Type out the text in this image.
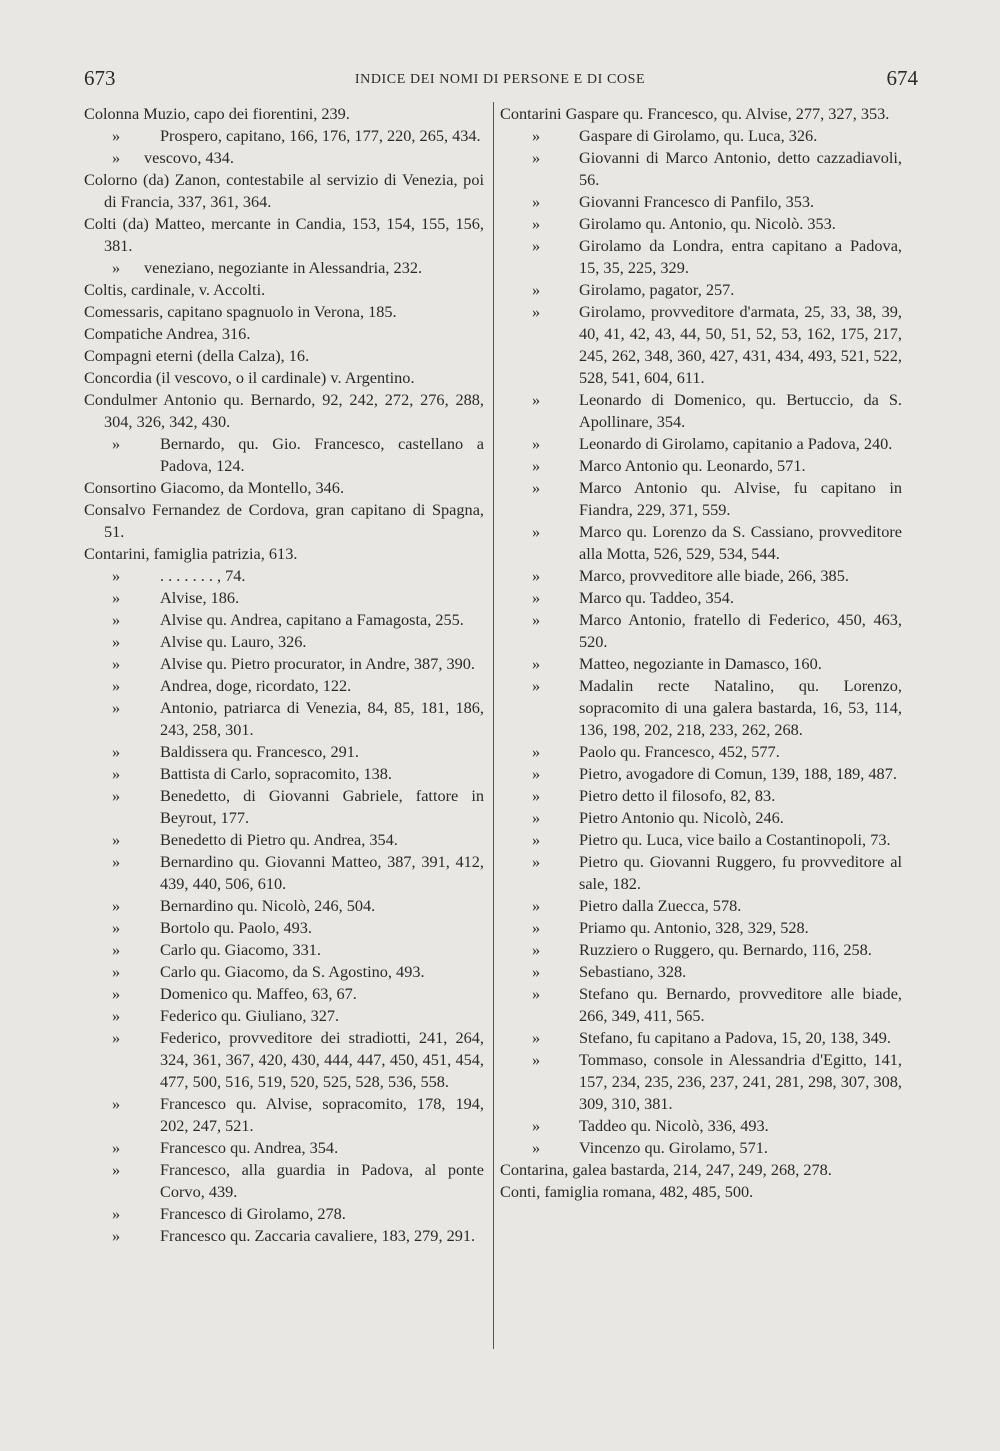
673	INDICE DEI NOMI DI PERSONE E DI COSE	674
Colonna Muzio, capo dei fiorentini, 239.
» Prospero, capitano, 166, 176, 177, 220, 265, 434.
» vescovo, 434.
Colorno (da) Zanon, contestabile al servizio di Venezia, poi di Francia, 337, 361, 364.
Colti (da) Matteo, mercante in Candia, 153, 154, 155, 156, 381.
» veneziano, negoziante in Alessandria, 232.
Coltis, cardinale, v. Accolti.
Comessaris, capitano spagnuolo in Verona, 185.
Compatiche Andrea, 316.
Compagni eterni (della Calza), 16.
Concordia (il vescovo, o il cardinale) v. Argentino.
Condulmer Antonio qu. Bernardo, 92, 242, 272, 276, 288, 304, 326, 342, 430.
» Bernardo, qu. Gio. Francesco, castellano a Padova, 124.
Consortino Giacomo, da Montello, 346.
Consalvo Fernandez de Cordova, gran capitano di Spagna, 51.
Contarini, famiglia patrizia, 613.
» . . . . . . . , 74.
» Alvise, 186.
» Alvise qu. Andrea, capitano a Famagosta, 255.
» Alvise qu. Lauro, 326.
» Alvise qu. Pietro procurator, in Andre, 387, 390.
» Andrea, doge, ricordato, 122.
» Antonio, patriarca di Venezia, 84, 85, 181, 186, 243, 258, 301.
» Baldissera qu. Francesco, 291.
» Battista di Carlo, sopracomito, 138.
» Benedetto, di Giovanni Gabriele, fattore in Beyrout, 177.
» Benedetto di Pietro qu. Andrea, 354.
» Bernardino qu. Giovanni Matteo, 387, 391, 412, 439, 440, 506, 610.
» Bernardino qu. Nicolò, 246, 504.
» Bortolo qu. Paolo, 493.
» Carlo qu. Giacomo, 331.
» Carlo qu. Giacomo, da S. Agostino, 493.
» Domenico qu. Maffeo, 63, 67.
» Federico qu. Giuliano, 327.
» Federico, provveditore dei stradiotti, 241, 264, 324, 361, 367, 420, 430, 444, 447, 450, 451, 454, 477, 500, 516, 519, 520, 525, 528, 536, 558.
» Francesco qu. Alvise, sopracomito, 178, 194, 202, 247, 521.
» Francesco qu. Andrea, 354.
» Francesco, alla guardia in Padova, al ponte Corvo, 439.
» Francesco di Girolamo, 278.
» Francesco qu. Zaccaria cavaliere, 183, 279, 291.
Contarini Gaspare qu. Francesco, qu. Alvise, 277, 327, 353.
» Gaspare di Girolamo, qu. Luca, 326.
» Giovanni di Marco Antonio, detto cazzadiavoli, 56.
» Giovanni Francesco di Panfilo, 353.
» Girolamo qu. Antonio, qu. Nicolò. 353.
» Girolamo da Londra, entra capitano a Padova, 15, 35, 225, 329.
» Girolamo, pagator, 257.
» Girolamo, provveditore d'armata, 25, 33, 38, 39, 40, 41, 42, 43, 44, 50, 51, 52, 53, 162, 175, 217, 245, 262, 348, 360, 427, 431, 434, 493, 521, 522, 528, 541, 604, 611.
» Leonardo di Domenico, qu. Bertuccio, da S. Apollinare, 354.
» Leonardo di Girolamo, capitanio a Padova, 240.
» Marco Antonio qu. Leonardo, 571.
» Marco Antonio qu. Alvise, fu capitano in Fiandra, 229, 371, 559.
» Marco qu. Lorenzo da S. Cassiano, provveditore alla Motta, 526, 529, 534, 544.
» Marco, provveditore alle biade, 266, 385.
» Marco qu. Taddeo, 354.
» Marco Antonio, fratello di Federico, 450, 463, 520.
» Matteo, negoziante in Damasco, 160.
» Madalin recte Natalino, qu. Lorenzo, sopracomito di una galera bastarda, 16, 53, 114, 136, 198, 202, 218, 233, 262, 268.
» Paolo qu. Francesco, 452, 577.
» Pietro, avogadore di Comun, 139, 188, 189, 487.
» Pietro detto il filosofo, 82, 83.
» Pietro Antonio qu. Nicolò, 246.
» Pietro qu. Luca, vice bailo a Costantinopoli, 73.
» Pietro qu. Giovanni Ruggero, fu provveditore al sale, 182.
» Pietro dalla Zuecca, 578.
» Priamo qu. Antonio, 328, 329, 528.
» Ruzziero o Ruggero, qu. Bernardo, 116, 258.
» Sebastiano, 328.
» Stefano qu. Bernardo, provveditore alle biade, 266, 349, 411, 565.
» Stefano, fu capitano a Padova, 15, 20, 138, 349.
» Tommaso, console in Alessandria d'Egitto, 141, 157, 234, 235, 236, 237, 241, 281, 298, 307, 308, 309, 310, 381.
» Taddeo qu. Nicolò, 336, 493.
» Vincenzo qu. Girolamo, 571.
Contarina, galea bastarda, 214, 247, 249, 268, 278.
Conti, famiglia romana, 482, 485, 500.
